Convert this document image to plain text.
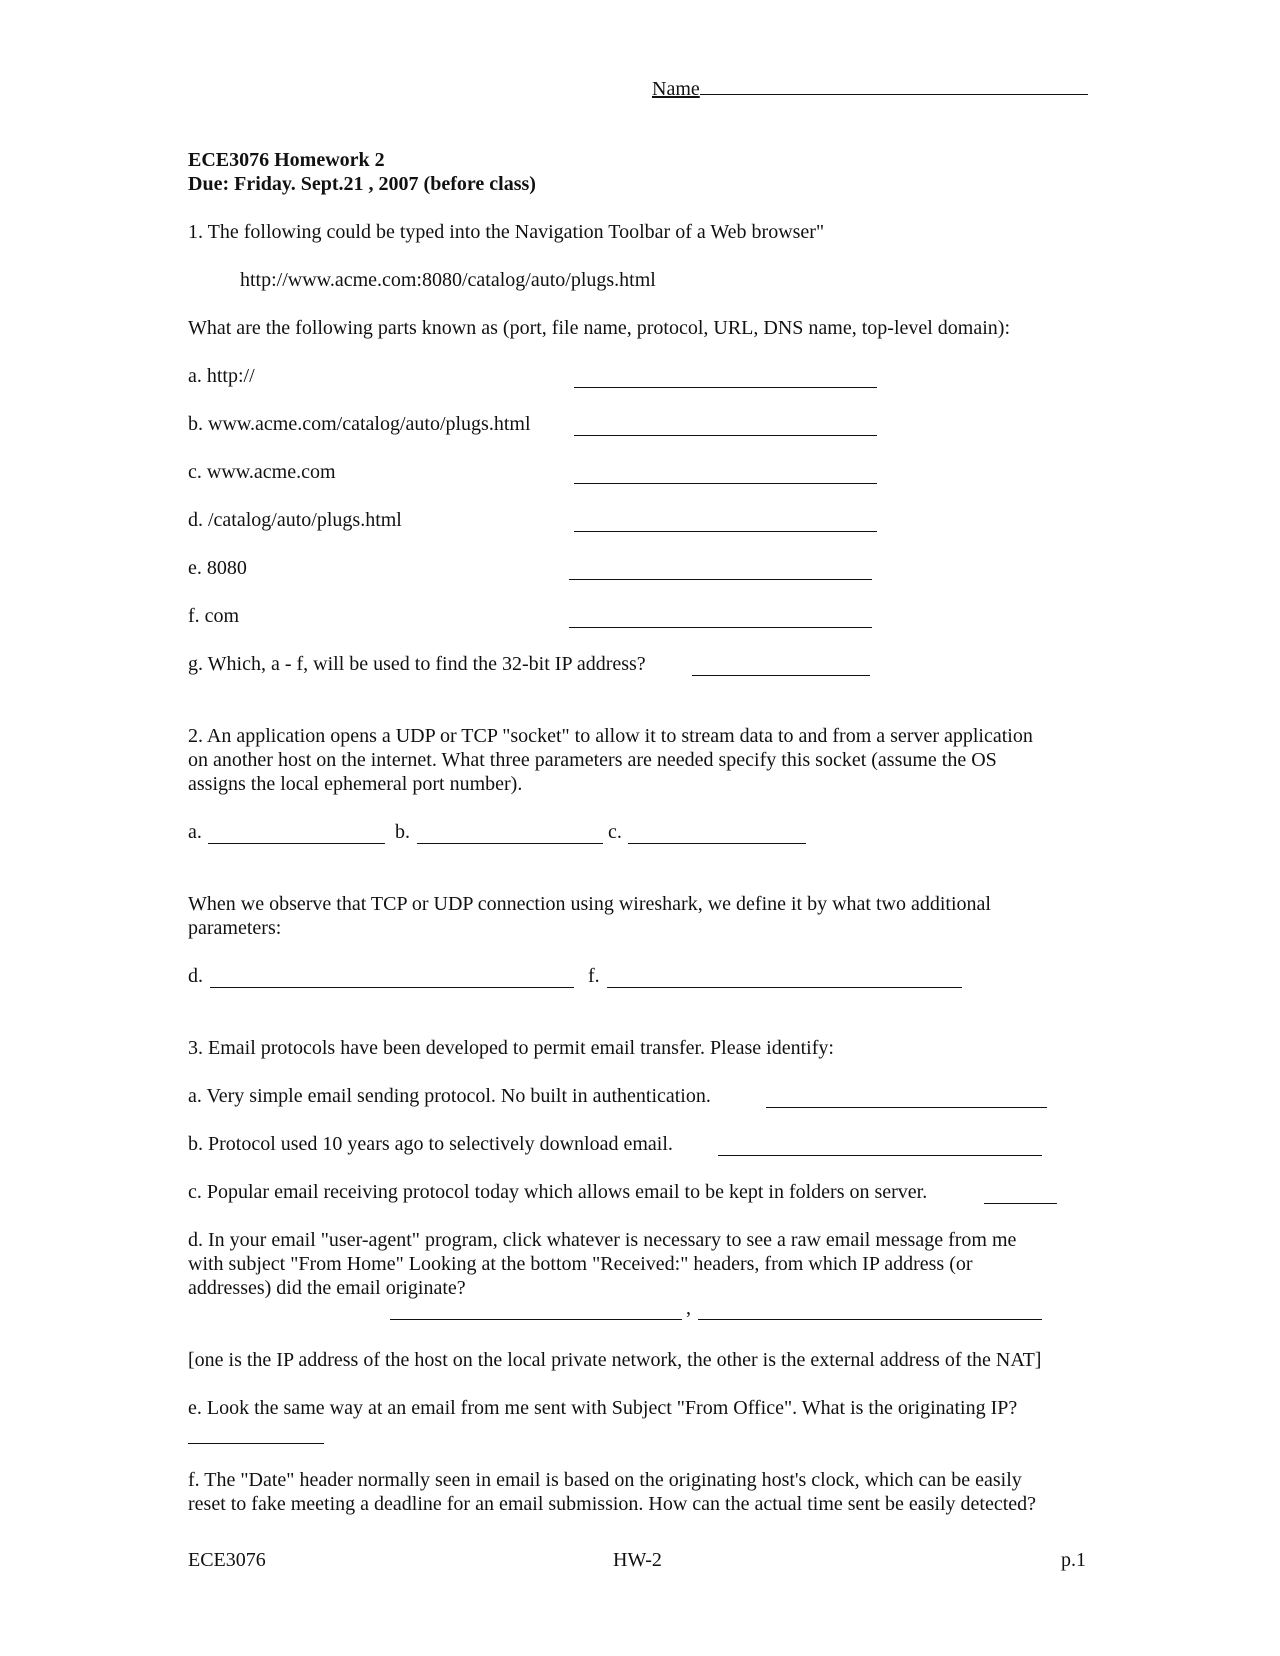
Name
ECE3076 Homework 2
Due: Friday. Sept.21 , 2007 (before class)
1. The following could be typed into the Navigation Toolbar of a Web browser"
http://www.acme.com:8080/catalog/auto/plugs.html
What are the following parts known as (port, file name, protocol, URL, DNS name, top-level domain):
a. http://
b. www.acme.com/catalog/auto/plugs.html
c. www.acme.com
d. /catalog/auto/plugs.html
e. 8080
f. com
g. Which, a - f, will be used to find the 32-bit IP address?
2. An application opens a UDP or TCP "socket" to allow it to stream data to and from a server application
on another host on the internet. What three parameters are needed specify this socket (assume the OS
assigns the local ephemeral port number).
a.	b.	c.
When we observe that TCP or UDP connection using wireshark, we define it by what two additional
parameters:
d.	f.
3. Email protocols have been developed to permit email transfer. Please identify:
a. Very simple email sending protocol. No built in authentication.
b. Protocol used 10 years ago to selectively download email.
c. Popular email receiving protocol today which allows email to be kept in folders on server.
d. In your email "user-agent" program, click whatever is necessary to see a raw email message from me
with subject "From Home" Looking at the bottom "Received:" headers, from which IP address (or
addresses) did the email originate?
,
[one is the IP address of the host on the local private network, the other is the external address of the NAT]
e. Look the same way at an email from me sent with Subject "From Office". What is the originating IP?
f. The "Date" header normally seen in email is based on the originating host's clock, which can be easily
reset to fake meeting a deadline for an email submission. How can the actual time sent be easily detected?
ECE3076	HW-2	p.1
